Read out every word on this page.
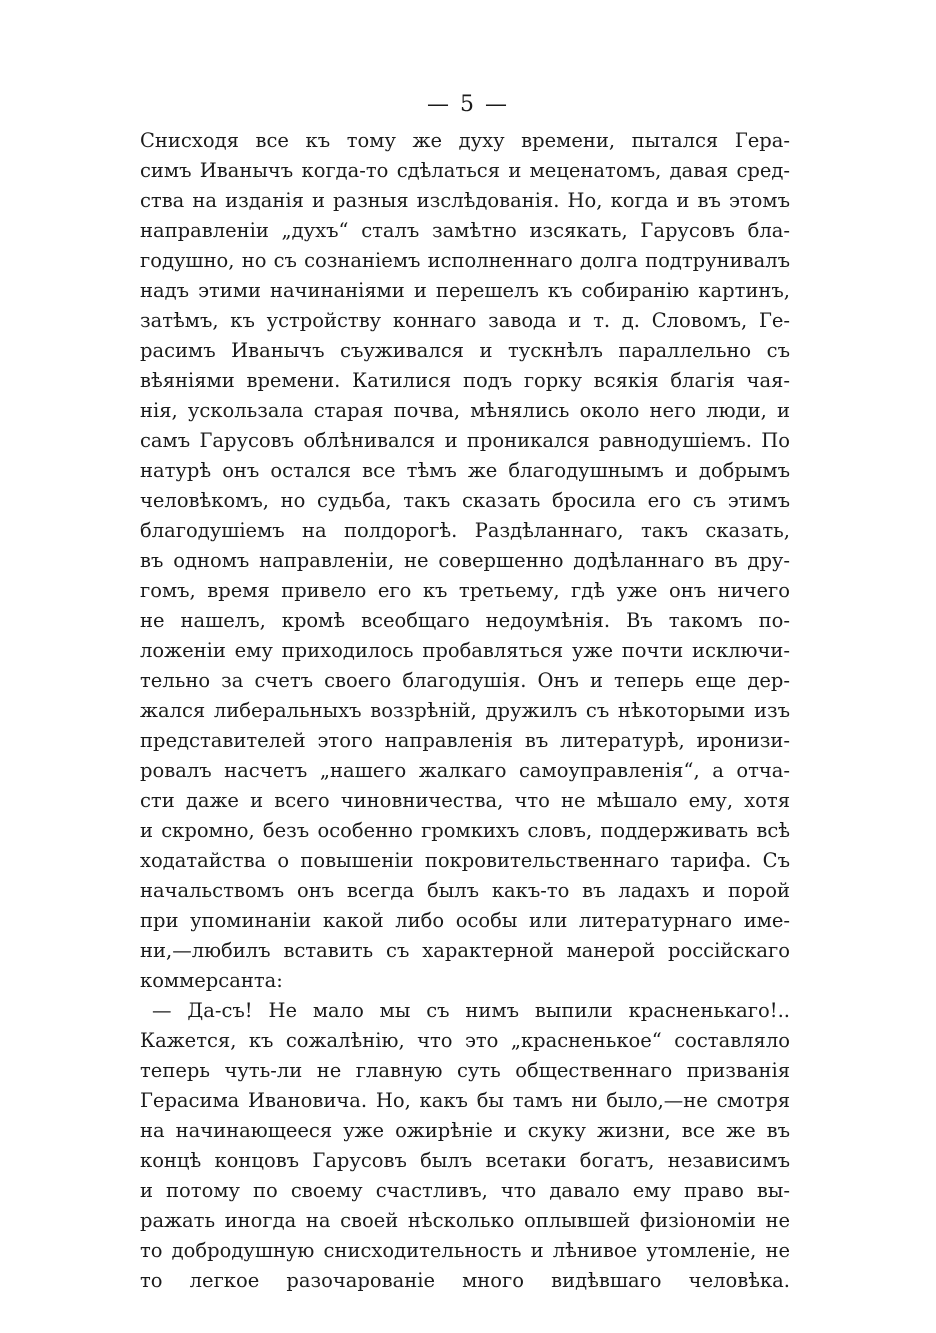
— 5 —
Снисходя все къ тому же духу времени, пытался Гера-
симъ Иванычъ когда-то сдѣлаться и меценатомъ, давая сред-
ства на изданія и разныя изслѣдованія. Но, когда и въ этомъ
направленіи „духъ“ сталъ замѣтно изсякать, Гарусовъ бла-
годушно, но съ сознаніемъ исполненнаго долга подтрунивалъ
надъ этими начинаніями и перешелъ къ собиранію картинъ,
затѣмъ, къ устройству коннаго завода и т. д. Словомъ, Ге-
расимъ Иванычъ съуживался и тускнѣлъ параллельно съ
вѣяніями времени. Катилися подъ горку всякія благія чая-
нія, ускользала старая почва, мѣнялись около него люди, и
самъ Гарусовъ облѣнивался и проникался равнодушіемъ. По
натурѣ онъ остался все тѣмъ же благодушнымъ и добрымъ
человѣкомъ, но судьба, такъ сказать бросила его съ этимъ
благодушіемъ на полдорогѣ. Раздѣланнаго, такъ сказать,
въ одномъ направленіи, не совершенно додѣланнаго въ дру-
гомъ, время привело его къ третьему, гдѣ уже онъ ничего
не нашелъ, кромѣ всеобщаго недоумѣнія. Въ такомъ по-
ложеніи ему приходилось пробавляться уже почти исключи-
тельно за счетъ своего благодушія. Онъ и теперь еще дер-
жался либеральныхъ воззрѣній, дружилъ съ нѣкоторыми изъ
представителей этого направленія въ литературѣ, иронизи-
ровалъ насчетъ „нашего жалкаго самоуправленія“, а отча-
сти даже и всего чиновничества, что не мѣшало ему, хотя
и скромно, безъ особенно громкихъ словъ, поддерживать всѣ
ходатайства о повышеніи покровительственнаго тарифа. Съ
начальствомъ онъ всегда былъ какъ-то въ ладахъ и порой
при упоминаніи какой либо особы или литературнаго име-
ни,—любилъ вставить съ характерной манерой россійскаго
коммерсанта:
— Да-съ! Не мало мы съ нимъ выпили красненькаго!..
Кажется, къ сожалѣнію, что это „красненькое“ составляло
теперь чуть-ли не главную суть общественнаго призванія
Герасима Ивановича. Но, какъ бы тамъ ни было,—не смотря
на начинающееся уже ожирѣніе и скуку жизни, все же въ
концѣ концовъ Гарусовъ былъ всетаки богатъ, независимъ
и потому по своему счастливъ, что давало ему право вы-
ражать иногда на своей нѣсколько оплывшей физіономіи не
то добродушную снисходительность и лѣнивое утомленіе, не
то легкое разочарованіе много видѣвшаго человѣка.
